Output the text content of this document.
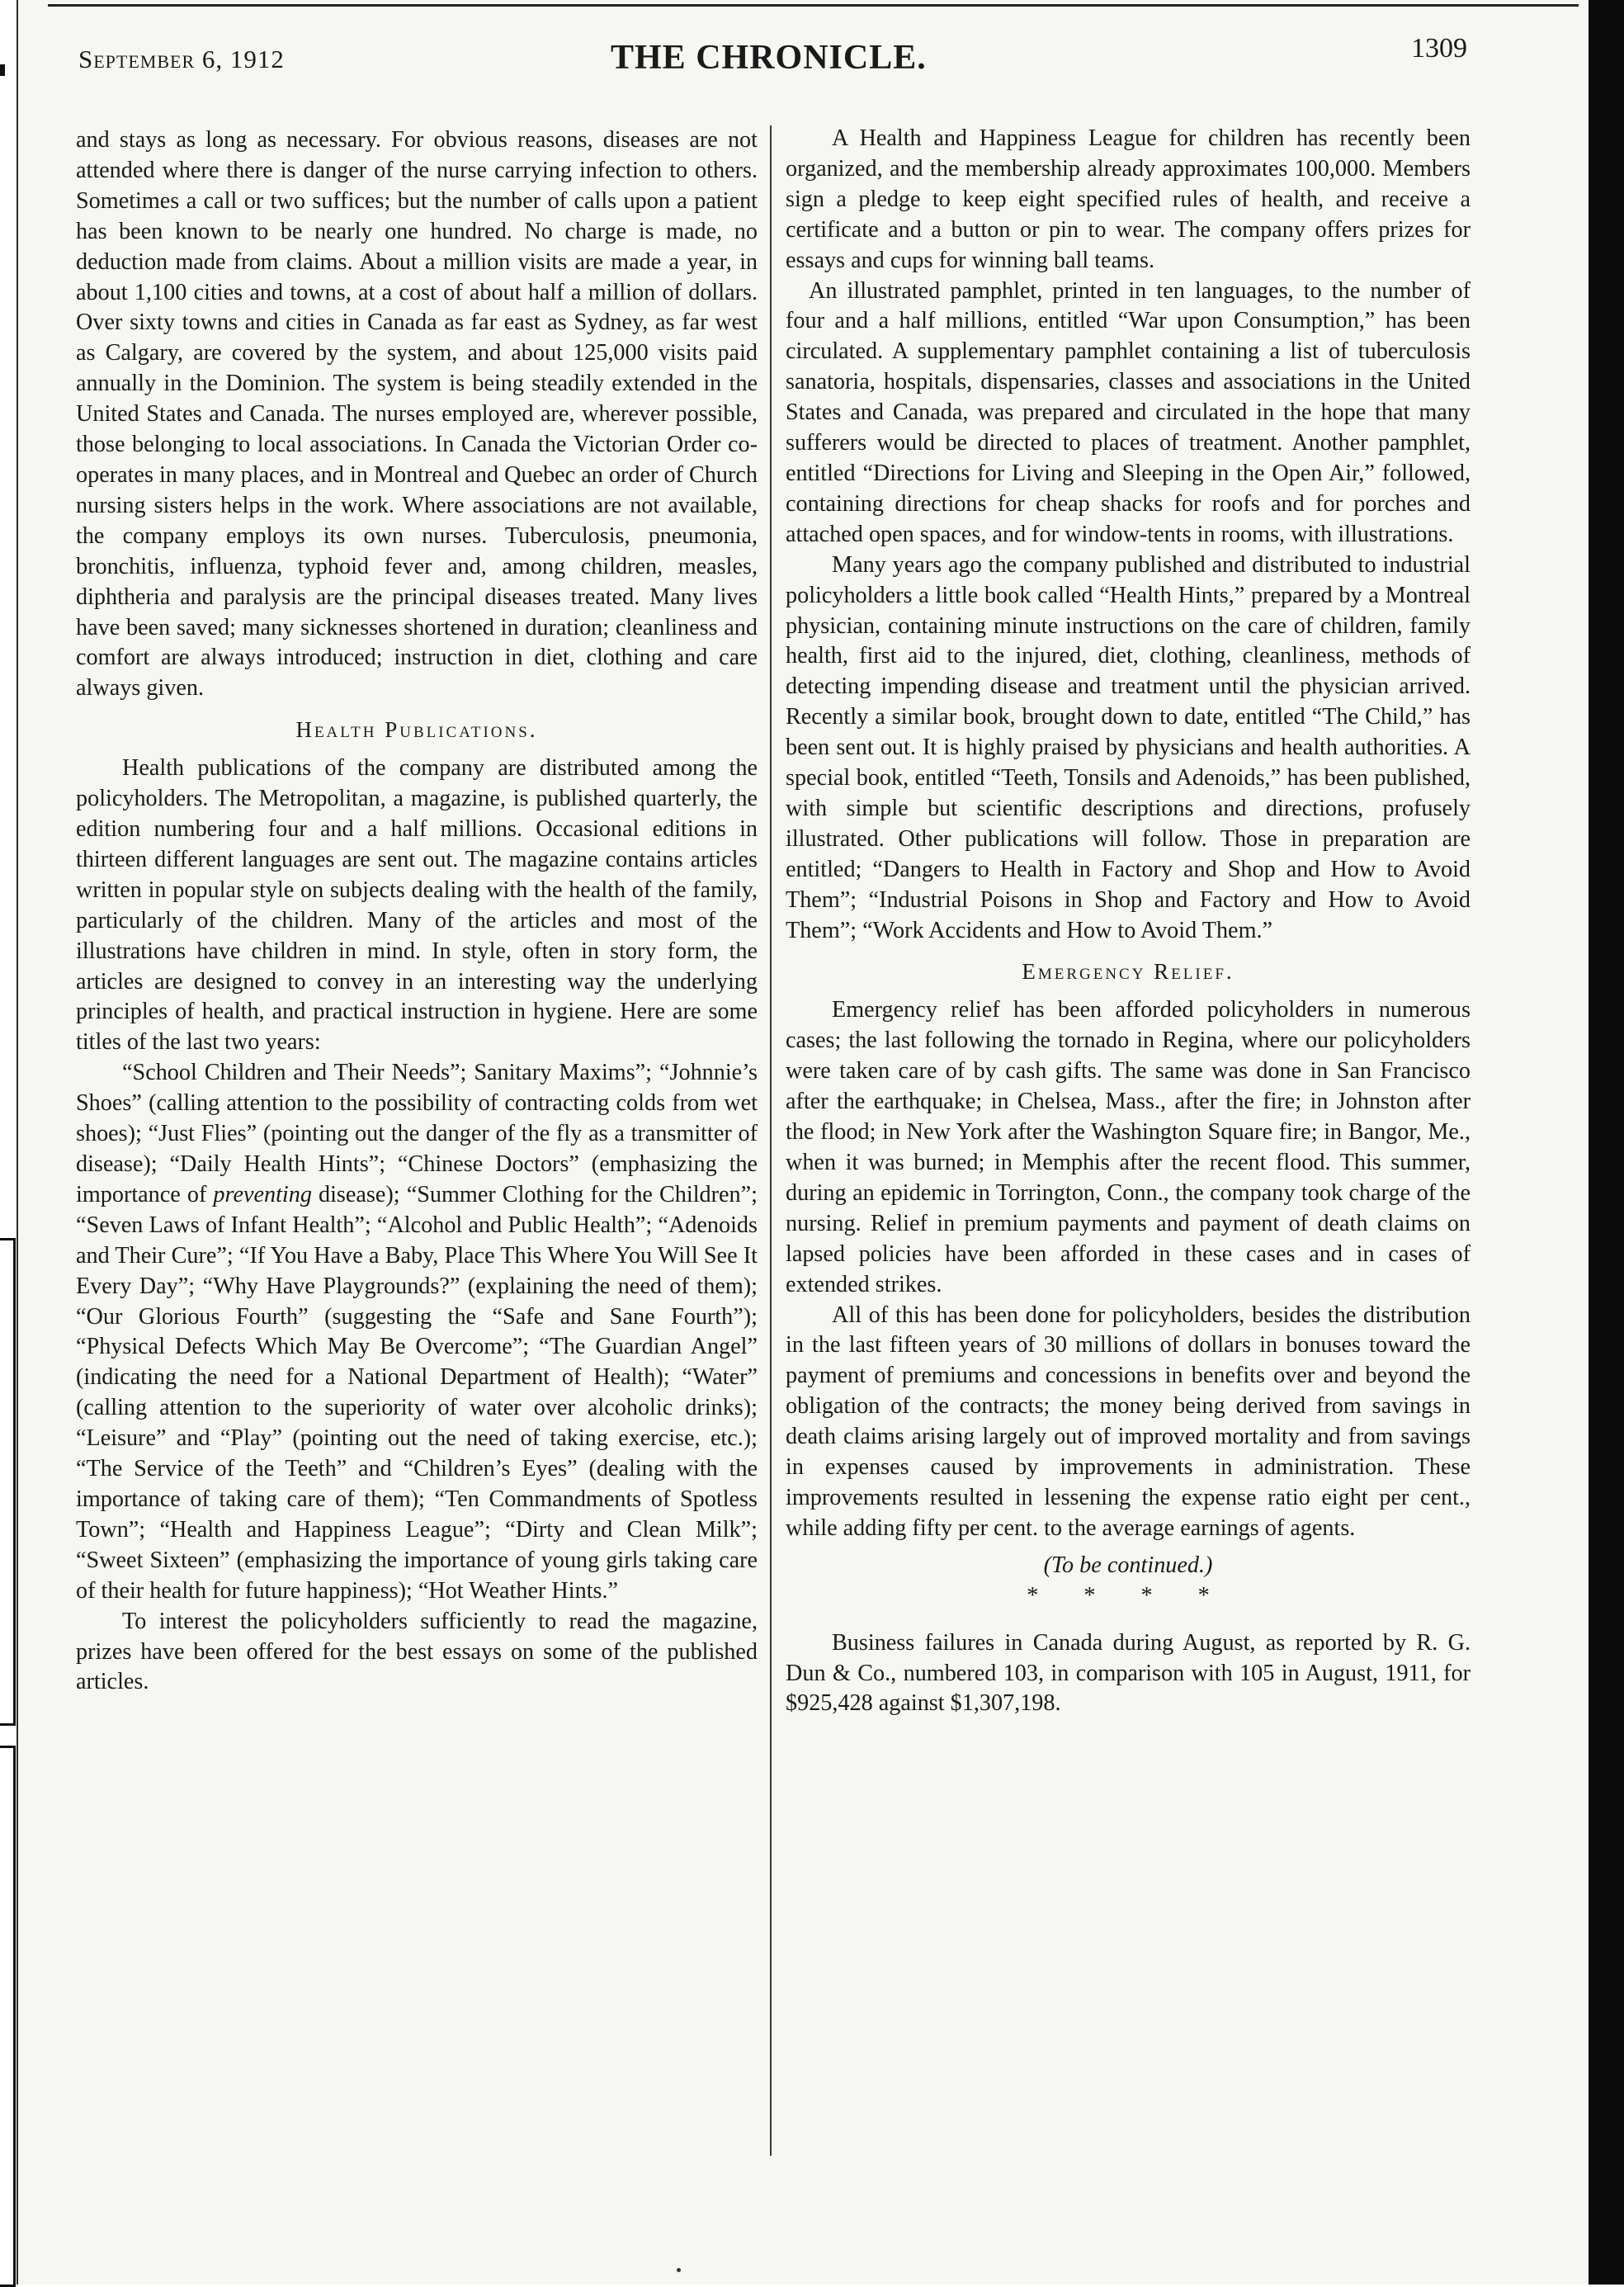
September 6, 1912	THE CHRONICLE.	1309

and stays as long as necessary. For obvious reasons, diseases are not attended where there is danger of the nurse carrying infection to others. Sometimes a call or two suffices; but the number of calls upon a patient has been known to be nearly one hundred. No charge is made, no deduction made from claims. About a million visits are made a year, in about 1,100 cities and towns, at a cost of about half a million of dollars. Over sixty towns and cities in Canada as far east as Sydney, as far west as Calgary, are covered by the system, and about 125,000 visits paid annually in the Dominion. The system is being steadily extended in the United States and Canada. The nurses employed are, wherever possible, those belonging to local associations. In Canada the Victorian Order co-operates in many places, and in Montreal and Quebec an order of Church nursing sisters helps in the work. Where associations are not available, the company employs its own nurses. Tuberculosis, pneumonia, bronchitis, influenza, typhoid fever and, among children, measles, diphtheria and paralysis are the principal diseases treated. Many lives have been saved; many sicknesses shortened in duration; cleanliness and comfort are always introduced; instruction in diet, clothing and care always given.

Health Publications.

Health publications of the company are distributed among the policyholders. The Metropolitan, a magazine, is published quarterly, the edition numbering four and a half millions. Occasional editions in thirteen different languages are sent out. The magazine contains articles written in popular style on subjects dealing with the health of the family, particularly of the children. Many of the articles and most of the illustrations have children in mind. In style, often in story form, the articles are designed to convey in an interesting way the underlying principles of health, and practical instruction in hygiene. Here are some titles of the last two years:

“School Children and Their Needs”; Sanitary Maxims”; “Johnnie’s Shoes” (calling attention to the possibility of contracting colds from wet shoes); “Just Flies” (pointing out the danger of the fly as a transmitter of disease); “Daily Health Hints”; “Chinese Doctors” (emphasizing the importance of preventing disease); “Summer Clothing for the Children”; “Seven Laws of Infant Health”; “Alcohol and Public Health”; “Adenoids and Their Cure”; “If You Have a Baby, Place This Where You Will See It Every Day”; “Why Have Playgrounds?” (explaining the need of them); “Our Glorious Fourth” (suggesting the “Safe and Sane Fourth”); “Physical Defects Which May Be Overcome”; “The Guardian Angel” (indicating the need for a National Department of Health); “Water” (calling attention to the superiority of water over alcoholic drinks); “Leisure” and “Play” (pointing out the need of taking exercise, etc.); “The Service of the Teeth” and “Children’s Eyes” (dealing with the importance of taking care of them); “Ten Commandments of Spotless Town”; “Health and Happiness League”; “Dirty and Clean Milk”; “Sweet Sixteen” (emphasizing the importance of young girls taking care of their health for future happiness); “Hot Weather Hints.”

To interest the policyholders sufficiently to read the magazine, prizes have been offered for the best essays on some of the published articles.

A Health and Happiness League for children has recently been organized, and the membership already approximates 100,000. Members sign a pledge to keep eight specified rules of health, and receive a certificate and a button or pin to wear. The company offers prizes for essays and cups for winning ball teams.

An illustrated pamphlet, printed in ten languages, to the number of four and a half millions, entitled “War upon Consumption,” has been circulated. A supplementary pamphlet containing a list of tuberculosis sanatoria, hospitals, dispensaries, classes and associations in the United States and Canada, was prepared and circulated in the hope that many sufferers would be directed to places of treatment. Another pamphlet, entitled “Directions for Living and Sleeping in the Open Air,” followed, containing directions for cheap shacks for roofs and for porches and attached open spaces, and for window-tents in rooms, with illustrations.

Many years ago the company published and distributed to industrial policyholders a little book called “Health Hints,” prepared by a Montreal physician, containing minute instructions on the care of children, family health, first aid to the injured, diet, clothing, cleanliness, methods of detecting impending disease and treatment until the physician arrived. Recently a similar book, brought down to date, entitled “The Child,” has been sent out. It is highly praised by physicians and health authorities. A special book, entitled “Teeth, Tonsils and Adenoids,” has been published, with simple but scientific descriptions and directions, profusely illustrated. Other publications will follow. Those in preparation are entitled; “Dangers to Health in Factory and Shop and How to Avoid Them”; “Industrial Poisons in Shop and Factory and How to Avoid Them”; “Work Accidents and How to Avoid Them.”

Emergency Relief.

Emergency relief has been afforded policyholders in numerous cases; the last following the tornado in Regina, where our policyholders were taken care of by cash gifts. The same was done in San Francisco after the earthquake; in Chelsea, Mass., after the fire; in Johnston after the flood; in New York after the Washington Square fire; in Bangor, Me., when it was burned; in Memphis after the recent flood. This summer, during an epidemic in Torrington, Conn., the company took charge of the nursing. Relief in premium payments and payment of death claims on lapsed policies have been afforded in these cases and in cases of extended strikes.

All of this has been done for policyholders, besides the distribution in the last fifteen years of 30 millions of dollars in bonuses toward the payment of premiums and concessions in benefits over and beyond the obligation of the contracts; the money being derived from savings in death claims arising largely out of improved mortality and from savings in expenses caused by improvements in administration. These improvements resulted in lessening the expense ratio eight per cent., while adding fifty per cent. to the average earnings of agents.

(To be continued.)

* * * *

Business failures in Canada during August, as reported by R. G. Dun & Co., numbered 103, in comparison with 105 in August, 1911, for $925,428 against $1,307,198.
